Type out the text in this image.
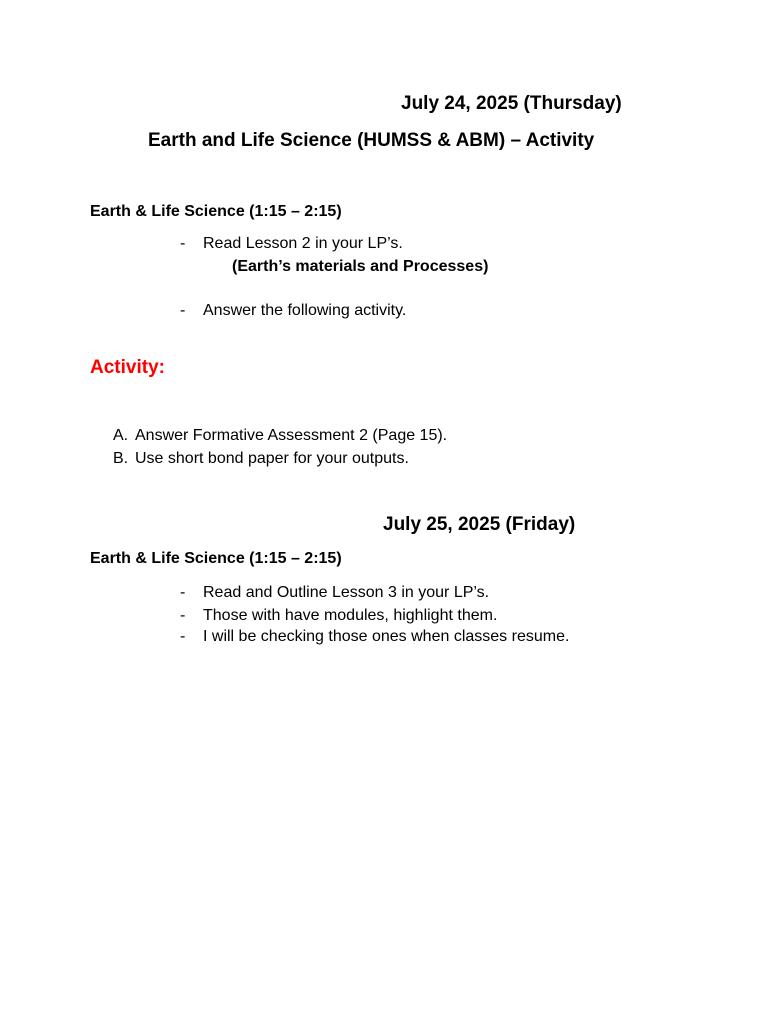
July 24, 2025 (Thursday)
Earth and Life Science (HUMSS & ABM) – Activity
Earth & Life Science (1:15 – 2:15)
- Read Lesson 2 in your LP’s.
(Earth’s materials and Processes)
- Answer the following activity.
Activity:
A. Answer Formative Assessment 2 (Page 15).
B. Use short bond paper for your outputs.
July 25, 2025 (Friday)
Earth & Life Science (1:15 – 2:15)
- Read and Outline Lesson 3 in your LP’s.
- Those with have modules, highlight them.
- I will be checking those ones when classes resume.
